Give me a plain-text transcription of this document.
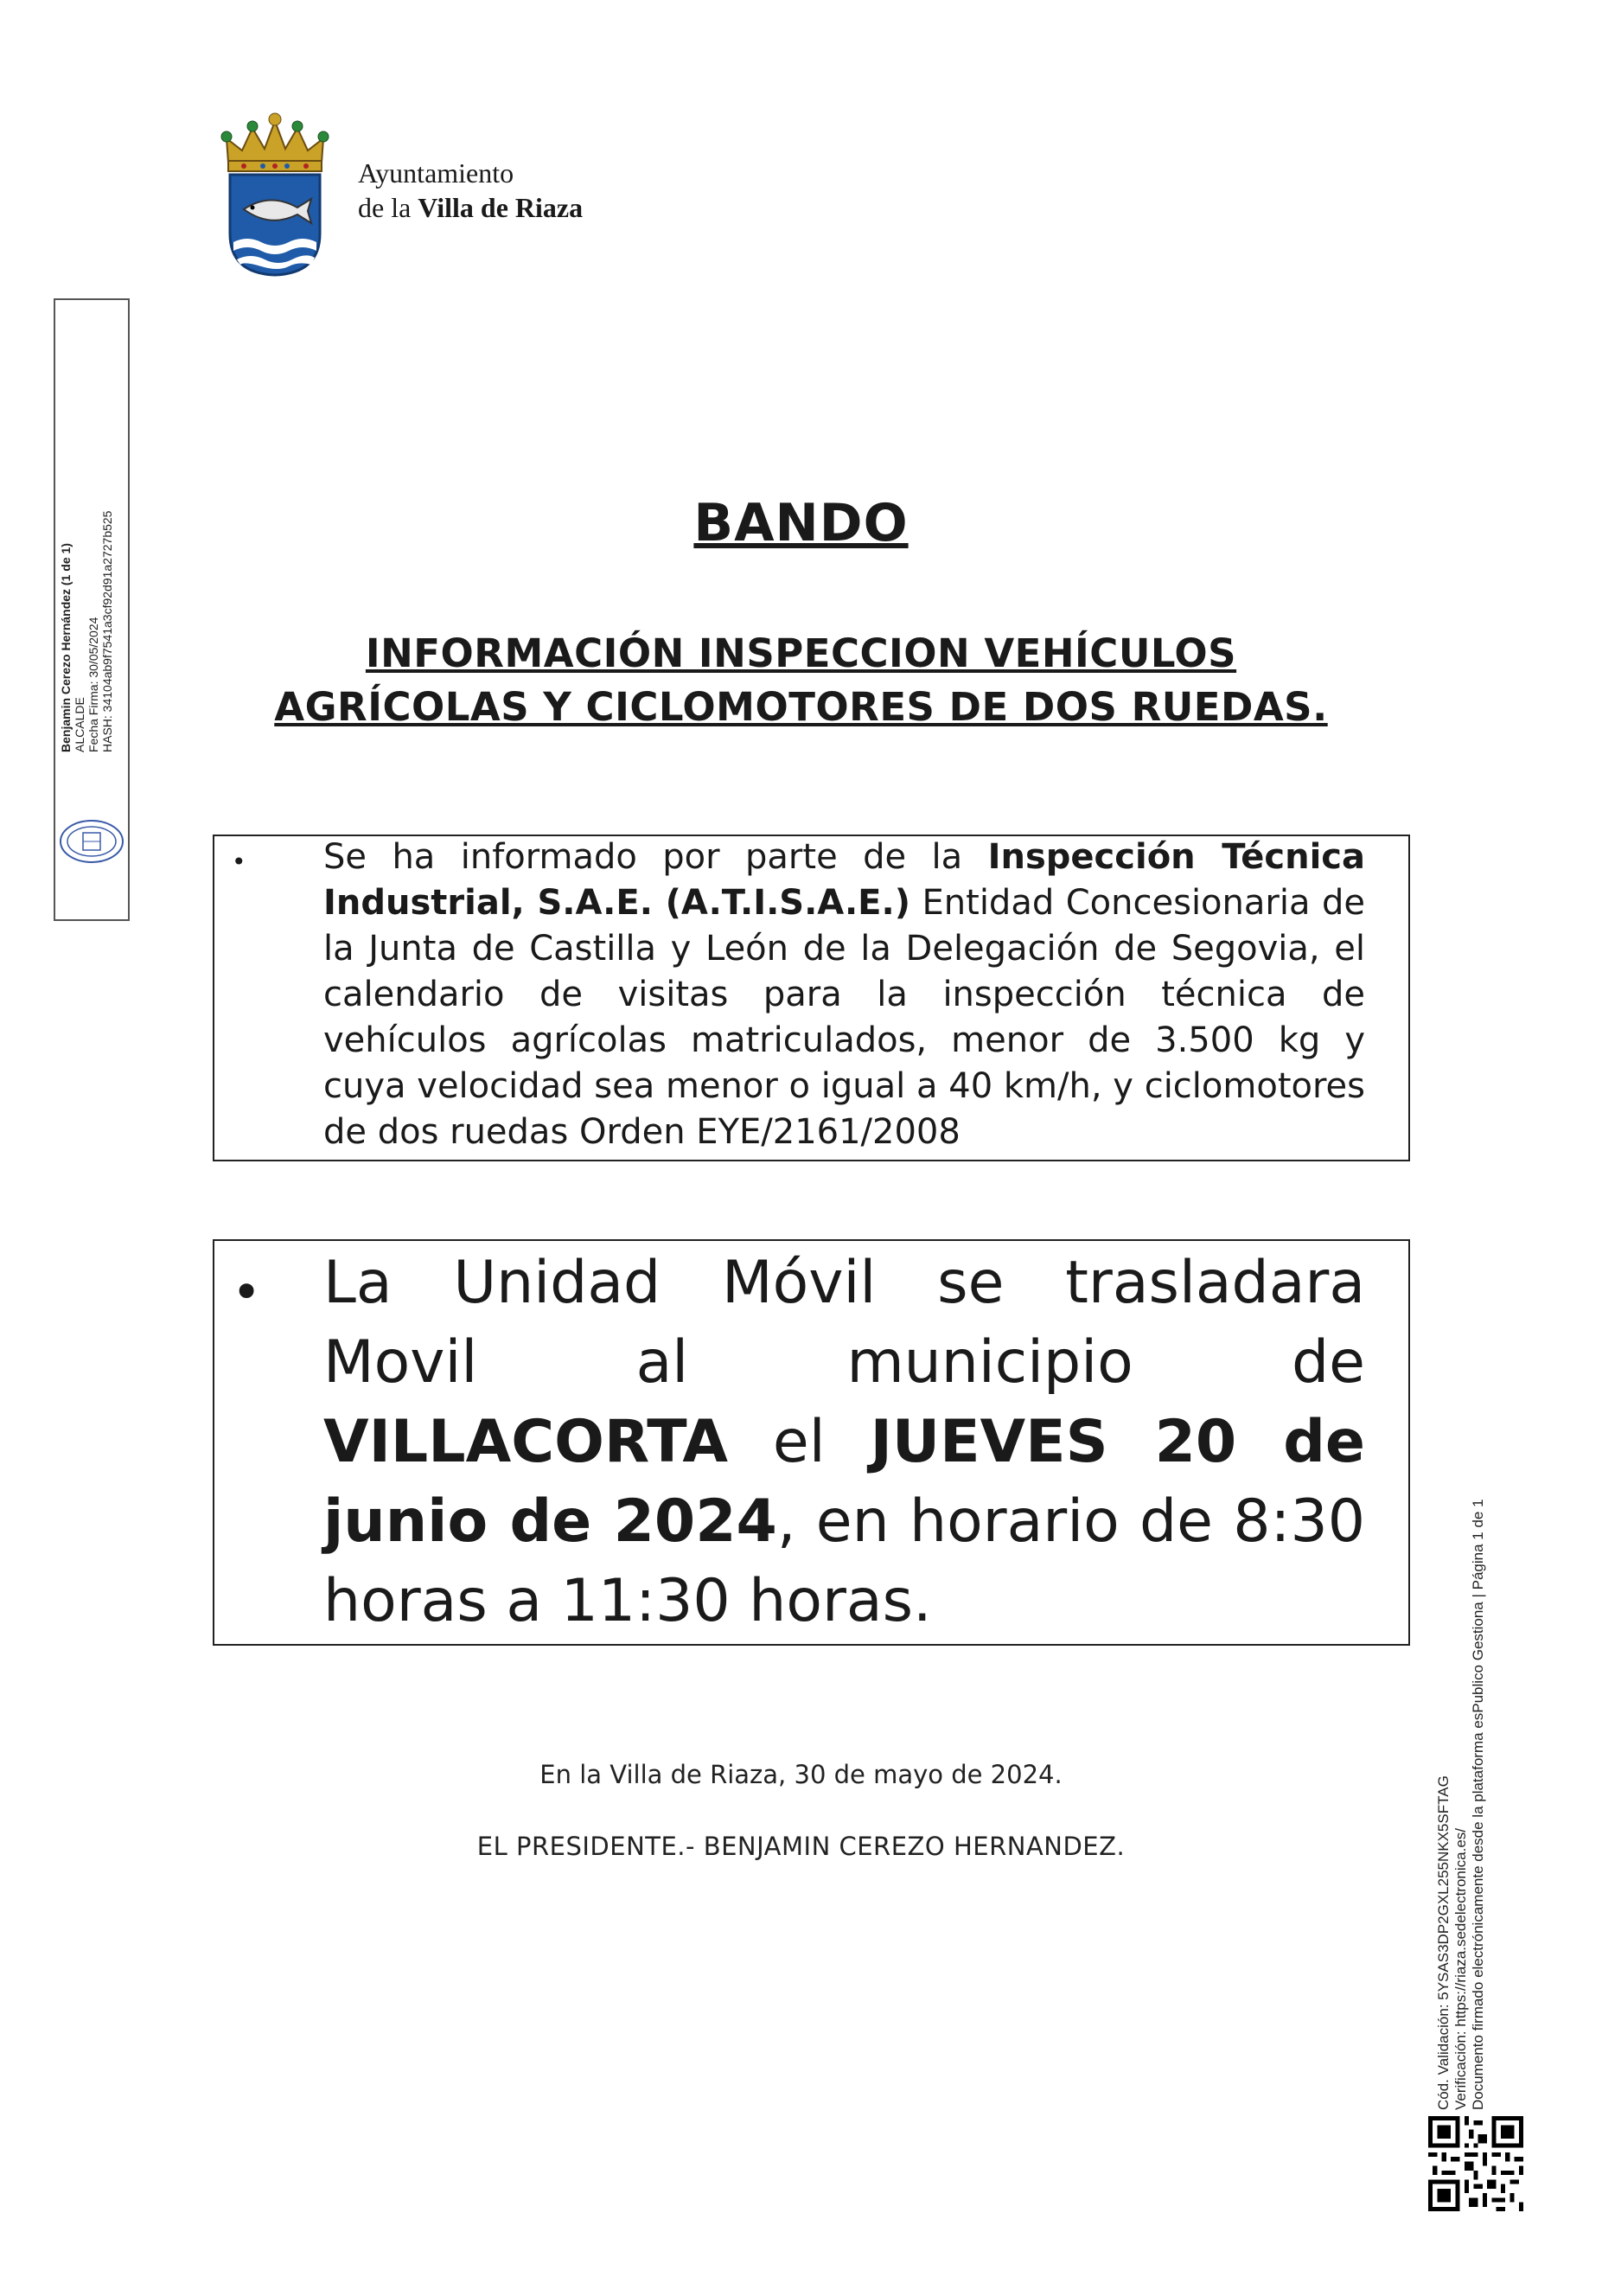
Ayuntamiento
de la Villa de Riaza
Benjamin Cerezo Hernández (1 de 1) ALCALDE Fecha Firma: 30/05/2024 HASH: 34104ab9f7541a3cf92d91a2727b525	BANDO
INFORMACIÓN INSPECCION VEHÍCULOS
AGRÍCOLAS Y CICLOMOTORES DE DOS RUEDAS.
• Se ha informado por parte de la Inspección Técnica Industrial, S.A.E. (A.T.I.S.A.E.) Entidad Concesionaria de la Junta de Castilla y León de la Delegación de Segovia, el calendario de visitas para la inspección técnica de vehículos agrícolas matriculados, menor de 3.500 kg y cuya velocidad sea menor o igual a 40 km/h, y ciclomotores de dos ruedas Orden EYE/2161/2008
• La Unidad Móvil se trasladara Movil al municipio de VILLACORTA el JUEVES 20 de junio de 2024, en horario de 8:30 horas a 11:30 horas.
En la Villa de Riaza, 30 de mayo de 2024.
EL PRESIDENTE.- BENJAMIN CEREZO HERNANDEZ.	Cód. Validación: 5YSAS3DP2GXL255NKX5SFTAG Verificación: https://riaza.sedelectronica.es/ Documento firmado electrónicamente desde la plataforma esPublico Gestiona | Página 1 de 1
